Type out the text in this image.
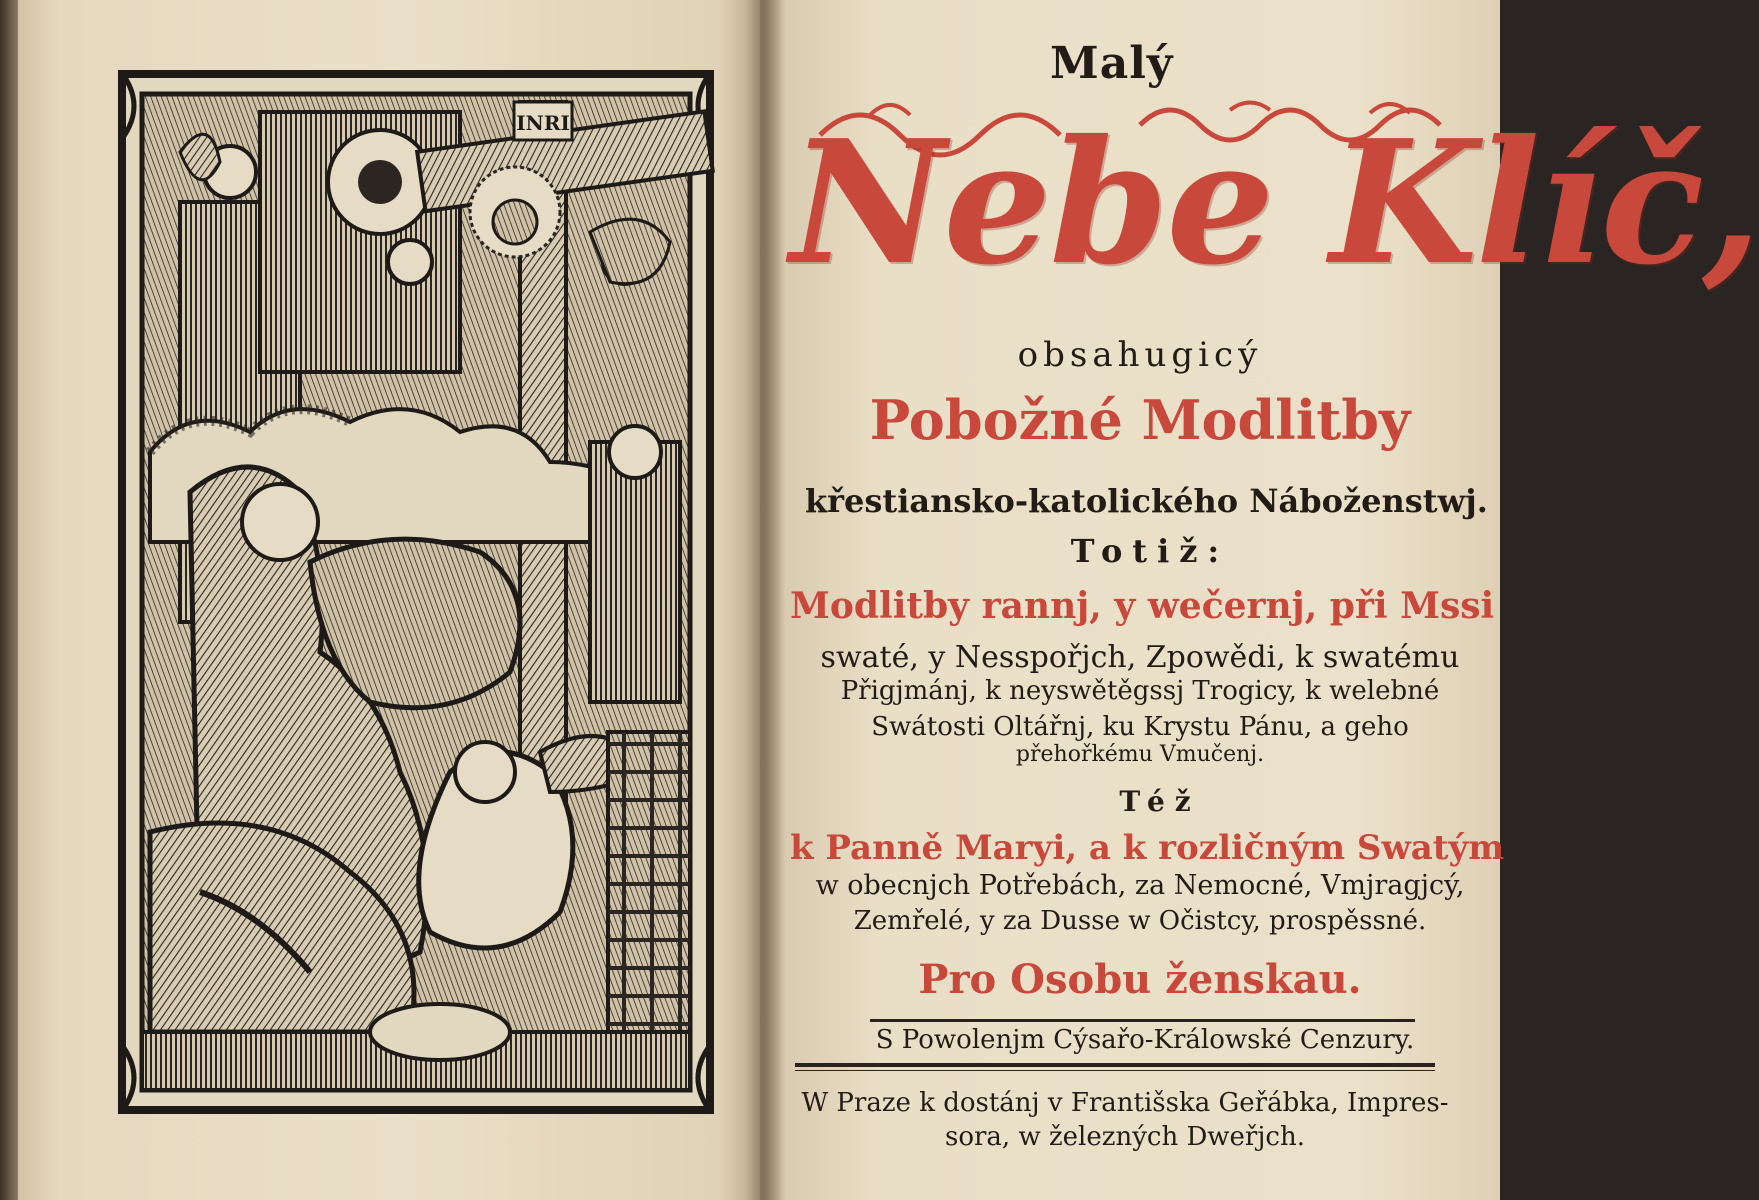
INRI
Malý
Nebe Klíč,
obsahugicý
Pobožné Modlitby
křestiansko-katolického Náboženstwj.
Totiž:
Modlitby rannj, y wečernj, při Mssi
swaté, y Nesspořjch, Zpowědi, k swatému
Přigjmánj, k neyswětěgssj Trogicy, k welebné
Swátosti Oltářnj, ku Krystu Pánu, a geho
přehořkému Vmučenj.
Též
k Panně Maryi, a k rozličným Swatým
w obecnjch Potřebách, za Nemocné, Vmjragjcý,
Zemřelé, y za Dusse w Očistcy, prospěssné.
Pro Osobu ženskau.
S Powolenjm Cýsařo-Králowské Cenzury.
W Praze k dostánj v Františska Geřábka, Impres-
sora, w železných Dweřjch.
